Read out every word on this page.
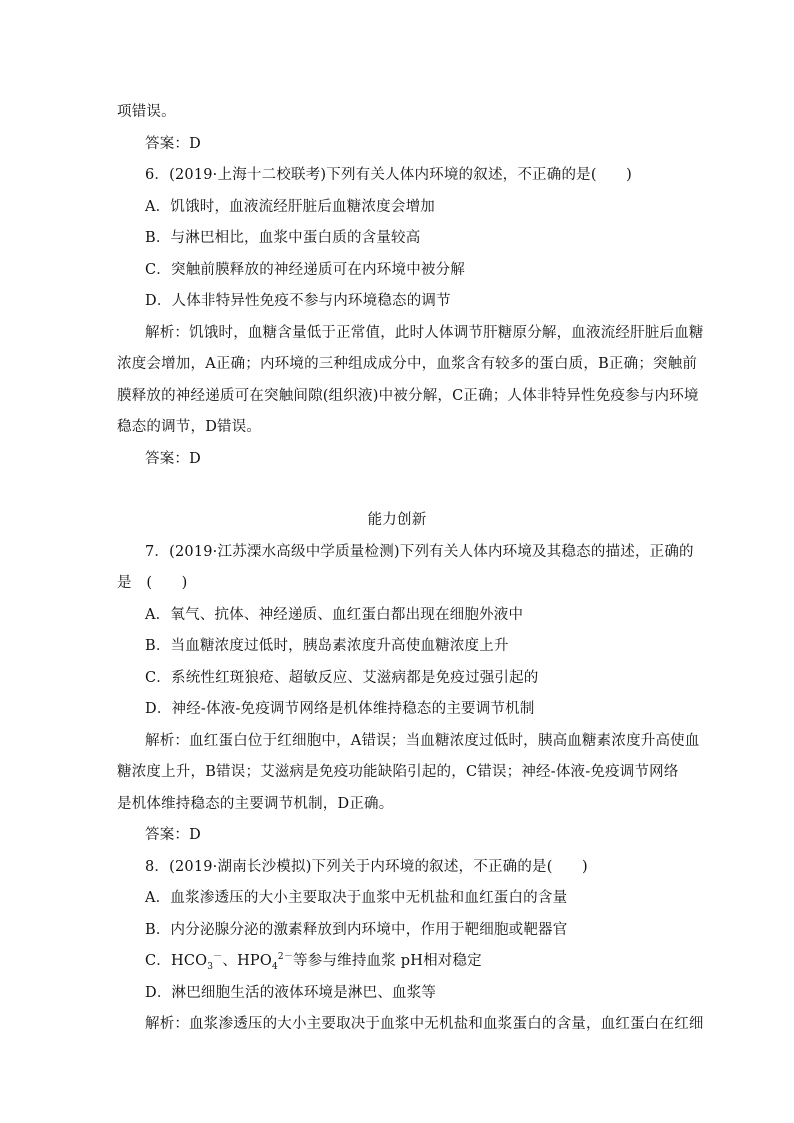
项错误。
答案：D
6．(2019·上海十二校联考)下列有关人体内环境的叙述，不正确的是(　　)
A．饥饿时，血液流经肝脏后血糖浓度会增加
B．与淋巴相比，血浆中蛋白质的含量较高
C．突触前膜释放的神经递质可在内环境中被分解
D．人体非特异性免疫不参与内环境稳态的调节
解析：饥饿时，血糖含量低于正常值，此时人体调节肝糖原分解，血液流经肝脏后血糖
浓度会增加，A正确；内环境的三种组成成分中，血浆含有较多的蛋白质，B正确；突触前
膜释放的神经递质可在突触间隙(组织液)中被分解，C正确；人体非特异性免疫参与内环境
稳态的调节，D错误。
答案：D
能力创新
7．(2019·江苏溧水高级中学质量检测)下列有关人体内环境及其稳态的描述，正确的
是　(　　)
A．氧气、抗体、神经递质、血红蛋白都出现在细胞外液中
B．当血糖浓度过低时，胰岛素浓度升高使血糖浓度上升
C．系统性红斑狼疮、超敏反应、艾滋病都是免疫过强引起的
D．神经-体液-免疫调节网络是机体维持稳态的主要调节机制
解析：血红蛋白位于红细胞中，A错误；当血糖浓度过低时，胰高血糖素浓度升高使血
糖浓度上升，B错误；艾滋病是免疫功能缺陷引起的，C错误；神经-体液-免疫调节网络
是机体维持稳态的主要调节机制，D正确。
答案：D
8．(2019·湖南长沙模拟)下列关于内环境的叙述，不正确的是(　　)
A．血浆渗透压的大小主要取决于血浆中无机盐和血红蛋白的含量
B．内分泌腺分泌的激素释放到内环境中，作用于靶细胞或靶器官
C．$HCO_3^-$、$HPO_4^{2-}$等参与维持血浆 pH相对稳定
D．淋巴细胞生活的液体环境是淋巴、血浆等
解析：血浆渗透压的大小主要取决于血浆中无机盐和血浆蛋白的含量，血红蛋白在红细
